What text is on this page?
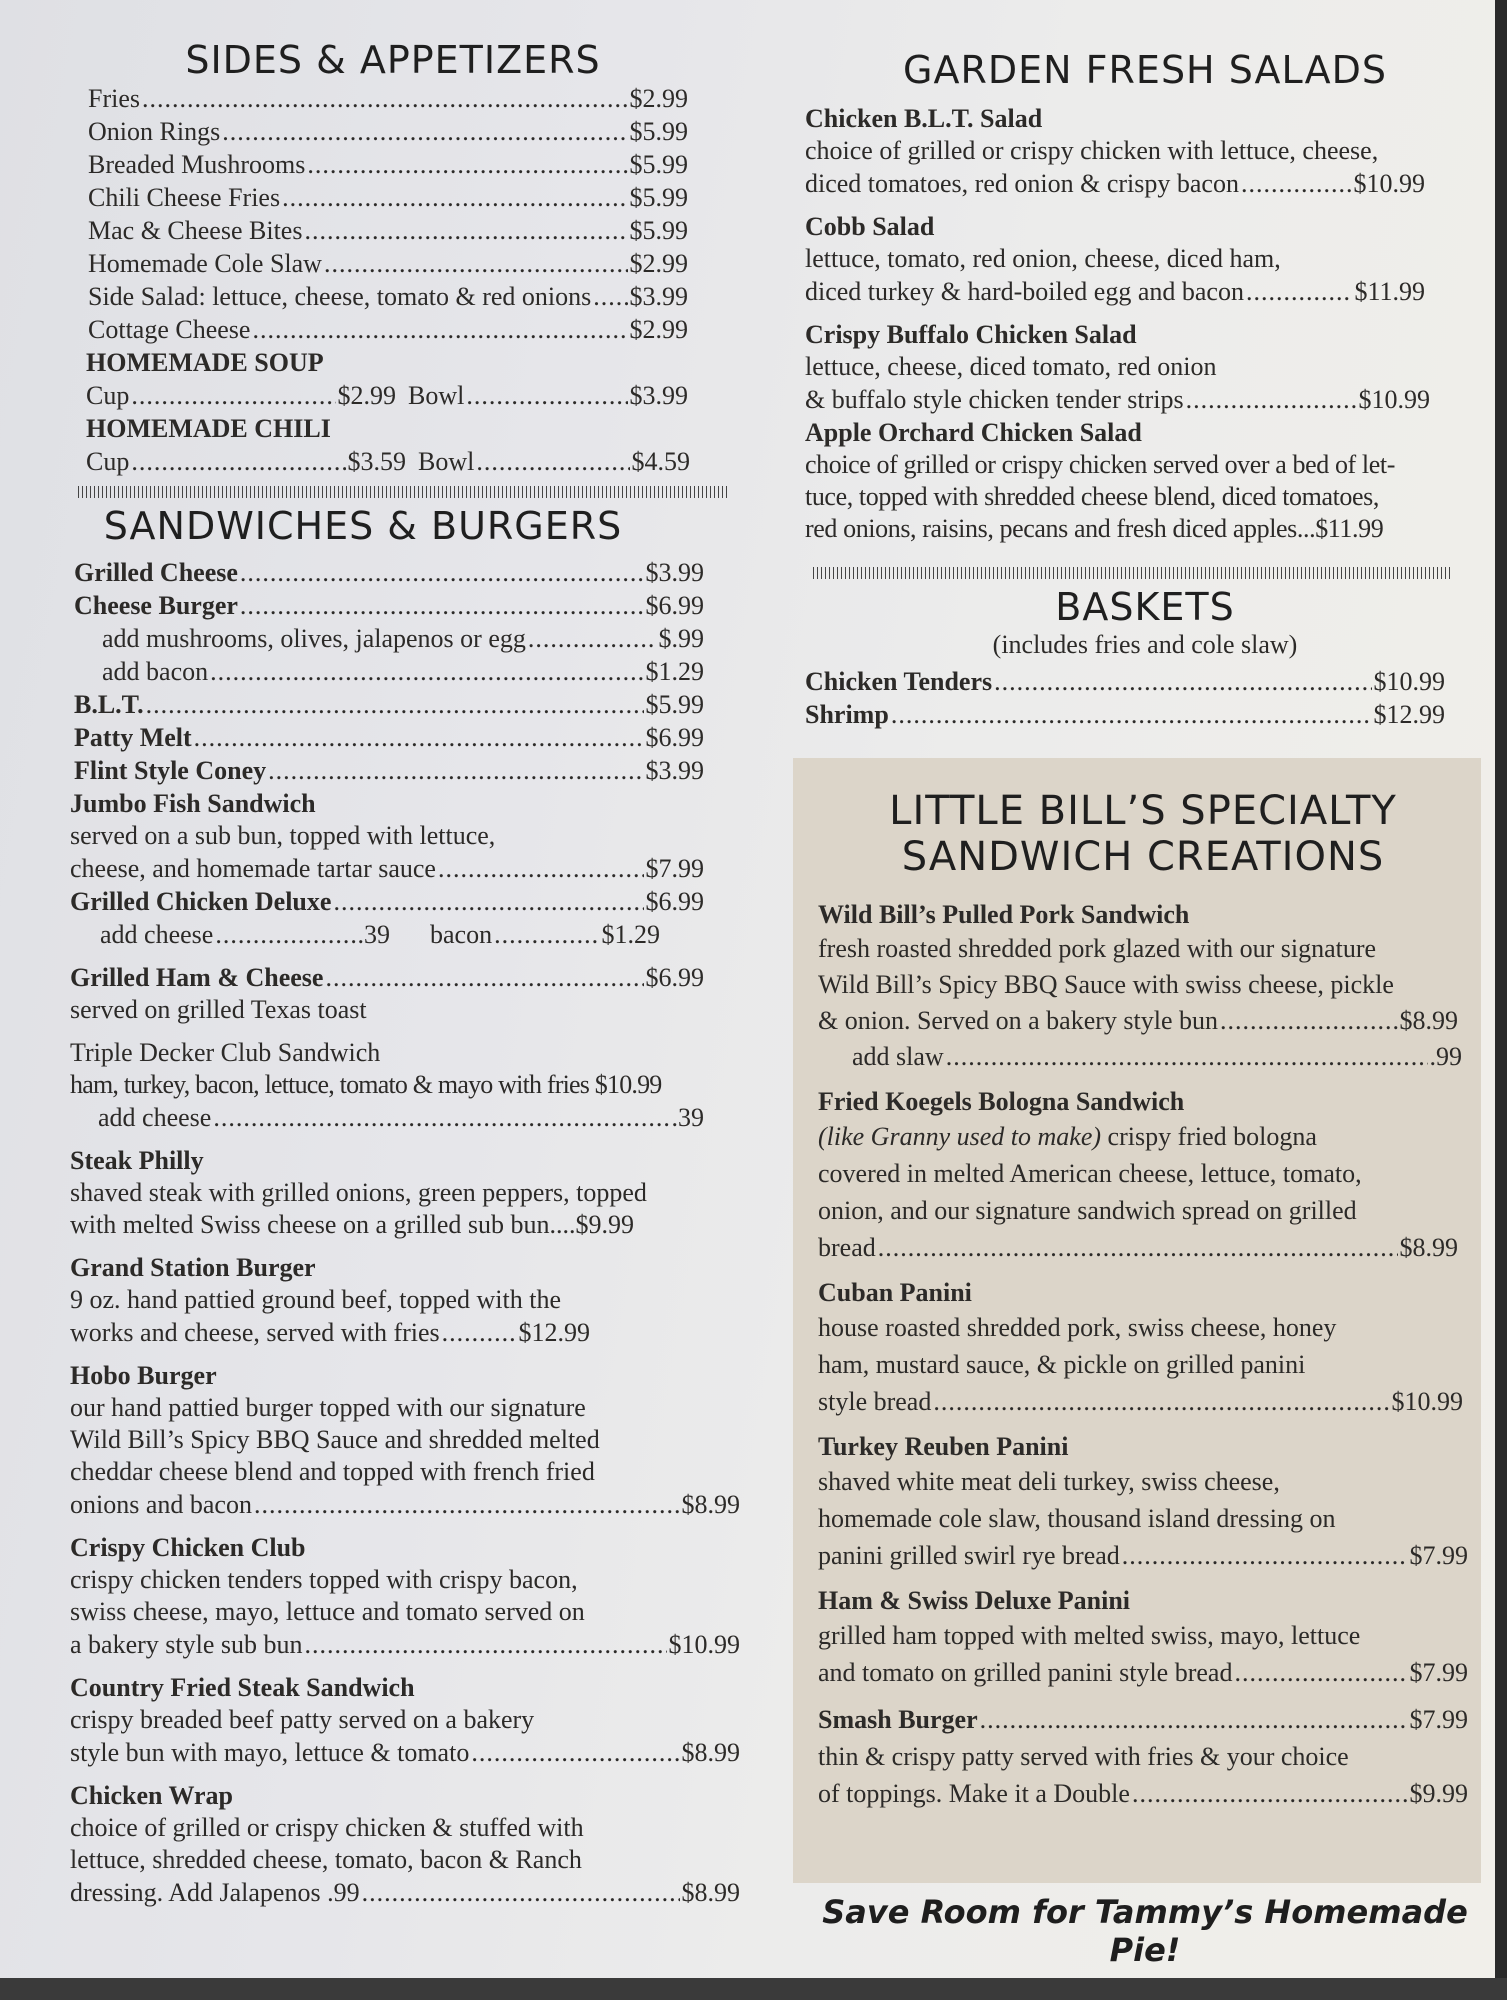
SIDES & APPETIZERS
Fries .....	$2.99
Onion Rings .....	$5.99
Breaded Mushrooms .....	$5.99
Chili Cheese Fries .....	$5.99
Mac & Cheese Bites .....	$5.99
Homemade Cole Slaw .....	$2.99
Side Salad: lettuce, cheese, tomato & red onions ..... $3.99
Cottage Cheese .....	$2.99
HOMEMADE SOUP
Cup .....	$2.99 Bowl .....	$3.99
HOMEMADE CHILI
Cup .....	$3.59 Bowl .....	$4.59
SANDWICHES & BURGERS
Grilled Cheese .....	$3.99
Cheese Burger .....	$6.99
add mushrooms, olives, jalapenos or egg .....	$.99
add bacon .....	$1.29
B.L.T. .....	$5.99
Patty Melt .....	$6.99
Flint Style Coney .....	$3.99
Jumbo Fish Sandwich
served on a sub bun, topped with lettuce,
cheese, and homemade tartar sauce .....	$7.99
Grilled Chicken Deluxe .....	$6.99
add cheese .....	.39 bacon .....	$1.29
Grilled Ham & Cheese .....	$6.99
served on grilled Texas toast
Triple Decker Club Sandwich
ham, turkey, bacon, lettuce, tomato & mayo with fries $10.99
add cheese .....	.39
Steak Philly
shaved steak with grilled onions, green peppers, topped
with melted Swiss cheese on a grilled sub bun....$9.99
Grand Station Burger
9 oz. hand pattied ground beef, topped with the
works and cheese, served with fries .....	$12.99
Hobo Burger
our hand pattied burger topped with our signature
Wild Bill’s Spicy BBQ Sauce and shredded melted
cheddar cheese blend and topped with french fried
onions and bacon .....	$8.99
Crispy Chicken Club
crispy chicken tenders topped with crispy bacon,
swiss cheese, mayo, lettuce and tomato served on
a bakery style sub bun .....	$10.99
Country Fried Steak Sandwich
crispy breaded beef patty served on a bakery
style bun with mayo, lettuce & tomato .....	$8.99
Chicken Wrap
choice of grilled or crispy chicken & stuffed with
lettuce, shredded cheese, tomato, bacon & Ranch
dressing. Add Jalapenos .99 .....	$8.99
GARDEN FRESH SALADS
Chicken B.L.T. Salad
choice of grilled or crispy chicken with lettuce, cheese,
diced tomatoes, red onion & crispy bacon .....	$10.99
Cobb Salad
lettuce, tomato, red onion, cheese, diced ham,
diced turkey & hard-boiled egg and bacon .....	$11.99
Crispy Buffalo Chicken Salad
lettuce, cheese, diced tomato, red onion
& buffalo style chicken tender strips .....	$10.99
Apple Orchard Chicken Salad
choice of grilled or crispy chicken served over a bed of let-
tuce, topped with shredded cheese blend, diced tomatoes,
red onions, raisins, pecans and fresh diced apples...$11.99
BASKETS
(includes fries and cole slaw)
Chicken Tenders .....	$10.99
Shrimp .....	$12.99
LITTLE BILL’S SPECIALTY
SANDWICH CREATIONS
Wild Bill’s Pulled Pork Sandwich
fresh roasted shredded pork glazed with our signature
Wild Bill’s Spicy BBQ Sauce with swiss cheese, pickle
& onion. Served on a bakery style bun .....	$8.99
add slaw .....	.99
Fried Koegels Bologna Sandwich
(like Granny used to make) crispy fried bologna
covered in melted American cheese, lettuce, tomato,
onion, and our signature sandwich spread on grilled
bread .....	$8.99
Cuban Panini
house roasted shredded pork, swiss cheese, honey
ham, mustard sauce, & pickle on grilled panini
style bread .....	$10.99
Turkey Reuben Panini
shaved white meat deli turkey, swiss cheese,
homemade cole slaw, thousand island dressing on
panini grilled swirl rye bread .....	$7.99
Ham & Swiss Deluxe Panini
grilled ham topped with melted swiss, mayo, lettuce
and tomato on grilled panini style bread .....	$7.99
Smash Burger .....	$7.99
thin & crispy patty served with fries & your choice
of toppings. Make it a Double .....	$9.99
Save Room for Tammy’s Homemade Pie!
